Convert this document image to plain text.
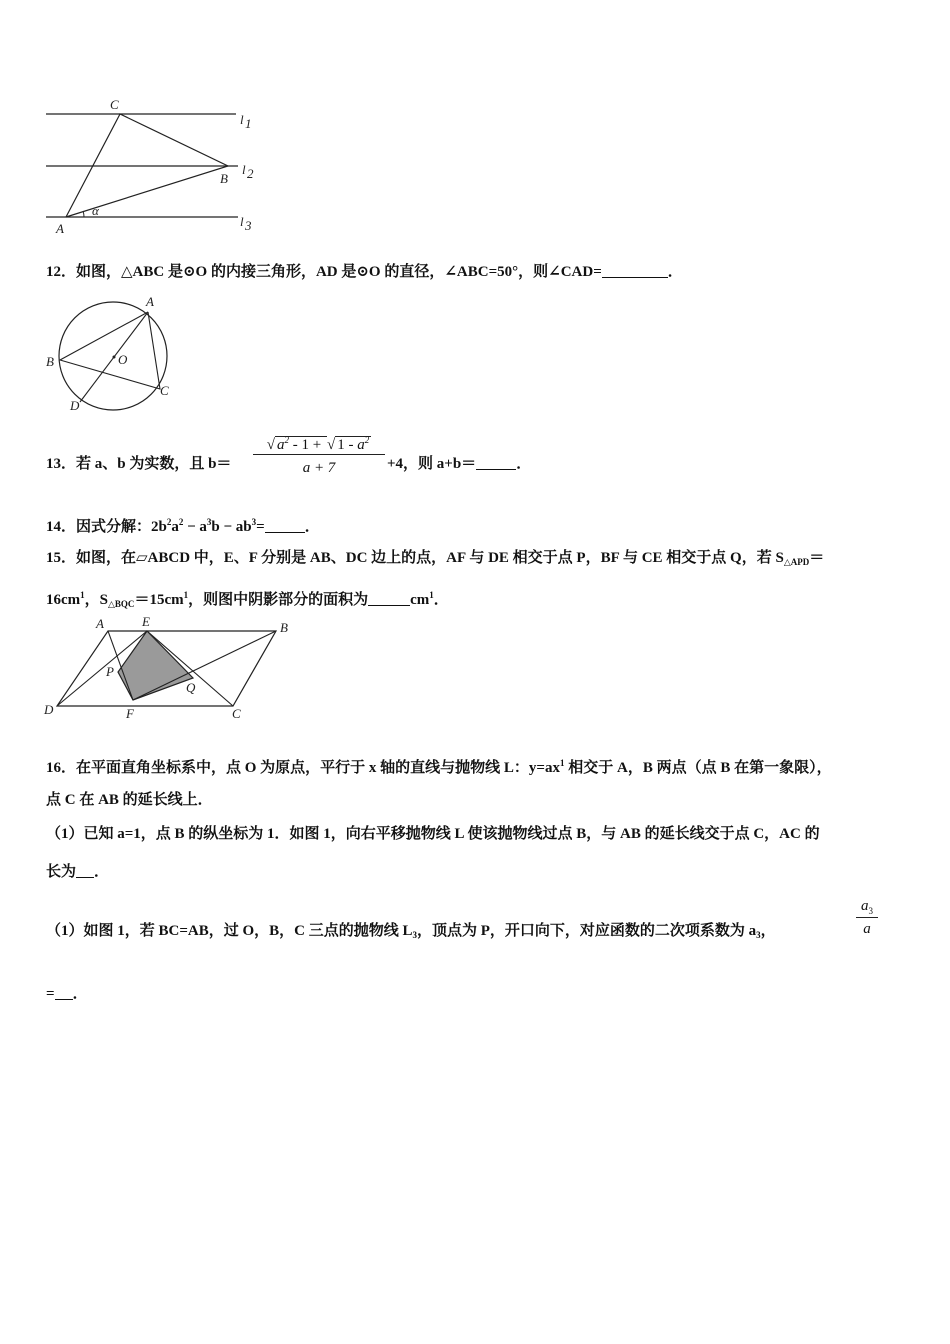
C
B
A
α
l 1
l 2
l 3
12．如图，△ABC 是⊙O 的内接三角形，AD 是⊙O 的直径，∠ABC=50°，则∠CAD=	．
A
B	O
C
D
13．若 a、b 为实数，且 b＝
√ $a^2 - 1$ + √ $1 - a^2$
a + 7	+4，则 a+b＝	．
14．因式分解：$2b^2a^2 - a^3b - ab^3=$	．
15．如图，在▱ABCD 中，E、F 分别是 AB、DC 边上的点，AF 与 DE 相交于点 P，BF 与 CE 相交于点 Q，若 $S_{\triangle APD}=$
$16cm^1$，$S_{\triangle BQC}=15cm^1$，则图中阴影部分的面积为	$cm^1$．
A	E	B
P
Q
D	F	C
16．在平面直角坐标系中，点 O 为原点，平行于 x 轴的直线与抛物线 L：$y=ax^1$ 相交于 A，B 两点（点 B 在第一象限），
点 C 在 AB 的延长线上．
（1）已知 a=1，点 B 的纵坐标为 1．如图 1，向右平移抛物线 L 使该抛物线过点 B，与 AB 的延长线交于点 C，AC 的
长为 ．
（1）如图 1，若 BC=AB，过 O，B，C 三点的抛物线 $L_3$，顶点为 P，开口向下，对应函数的二次项系数为 $a_3$，
$a_3$
a
= ．
